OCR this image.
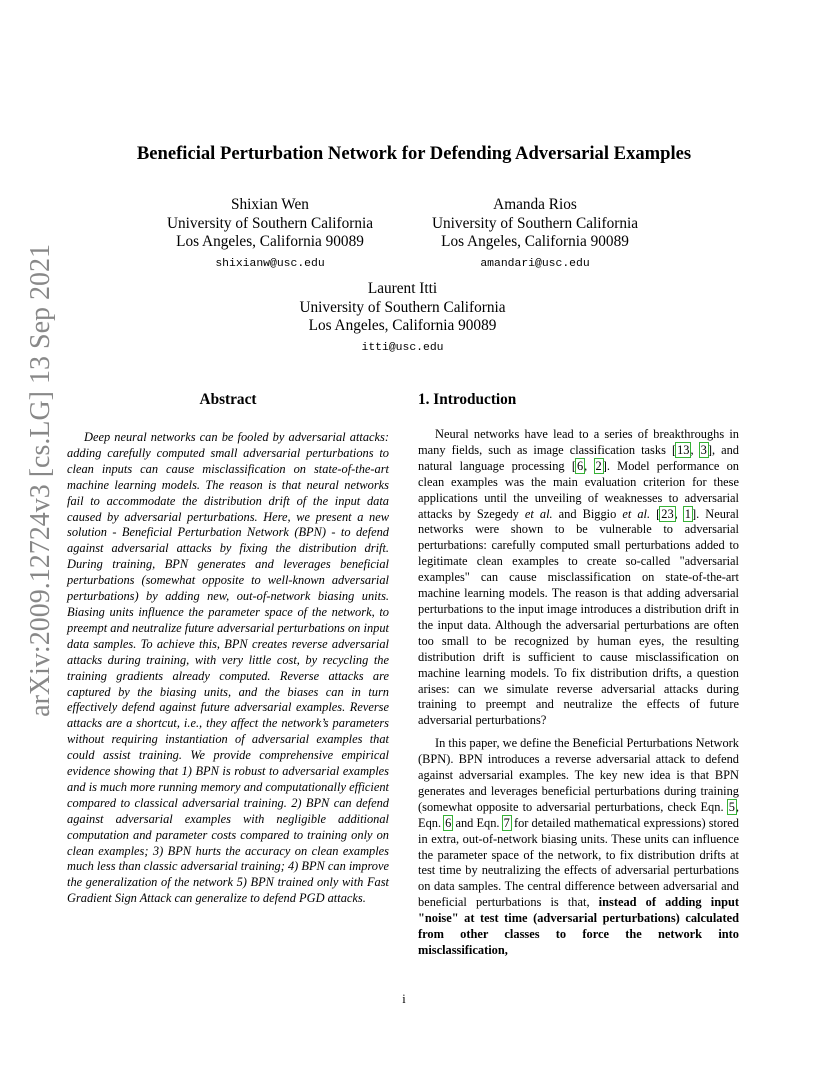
arXiv:2009.12724v3 [cs.LG] 13 Sep 2021
Beneficial Perturbation Network for Defending Adversarial Examples
Shixian Wen
University of Southern California
Los Angeles, California 90089
shixianw@usc.edu
Amanda Rios
University of Southern California
Los Angeles, California 90089
amandari@usc.edu
Laurent Itti
University of Southern California
Los Angeles, California 90089
itti@usc.edu
Abstract

Deep neural networks can be fooled by adversarial attacks: adding carefully computed small adversarial perturbations to clean inputs can cause misclassification on state-of-the-art machine learning models. The reason is that neural networks fail to accommodate the distribution drift of the input data caused by adversarial perturbations. Here, we present a new solution - Beneficial Perturbation Network (BPN) - to defend against adversarial attacks by fixing the distribution drift. During training, BPN generates and leverages beneficial perturbations (somewhat opposite to well-known adversarial perturbations) by adding new, out-of-network biasing units. Biasing units influence the parameter space of the network, to preempt and neutralize future adversarial perturbations on input data samples. To achieve this, BPN creates reverse adversarial attacks during training, with very little cost, by recycling the training gradients already computed. Reverse attacks are captured by the biasing units, and the biases can in turn effectively defend against future adversarial examples. Reverse attacks are a shortcut, i.e., they affect the network’s parameters without requiring instantiation of adversarial examples that could assist training. We provide comprehensive empirical evidence showing that 1) BPN is robust to adversarial examples and is much more running memory and computationally efficient compared to classical adversarial training. 2) BPN can defend against adversarial examples with negligible additional computation and parameter costs compared to training only on clean examples; 3) BPN hurts the accuracy on clean examples much less than classic adversarial training; 4) BPN can improve the generalization of the network 5) BPN trained only with Fast Gradient Sign Attack can generalize to defend PGD attacks.

1. Introduction

Neural networks have lead to a series of breakthroughs in many fields, such as image classification tasks [13, 3], and natural language processing [6, 2]. Model performance on clean examples was the main evaluation criterion for these applications until the unveiling of weaknesses to adversarial attacks by Szegedy et al. and Biggio et al. [23, 1]. Neural networks were shown to be vulnerable to adversarial perturbations: carefully computed small perturbations added to legitimate clean examples to create so-called "adversarial examples" can cause misclassification on state-of-the-art machine learning models. The reason is that adding adversarial perturbations to the input image introduces a distribution drift in the input data. Although the adversarial perturbations are often too small to be recognized by human eyes, the resulting distribution drift is sufficient to cause misclassification on machine learning models. To fix distribution drifts, a question arises: can we simulate reverse adversarial attacks during training to preempt and neutralize the effects of future adversarial perturbations?

In this paper, we define the Beneficial Perturbations Network (BPN). BPN introduces a reverse adversarial attack to defend against adversarial examples. The key new idea is that BPN generates and leverages beneficial perturbations during training (somewhat opposite to adversarial perturbations, check Eqn. 5, Eqn. 6 and Eqn. 7 for detailed mathematical expressions) stored in extra, out-of-network biasing units. These units can influence the parameter space of the network, to fix distribution drifts at test time by neutralizing the effects of adversarial perturbations on data samples. The central difference between adversarial and beneficial perturbations is that, instead of adding input "noise" at test time (adversarial perturbations) calculated from other classes to force the network into misclassification,

i
